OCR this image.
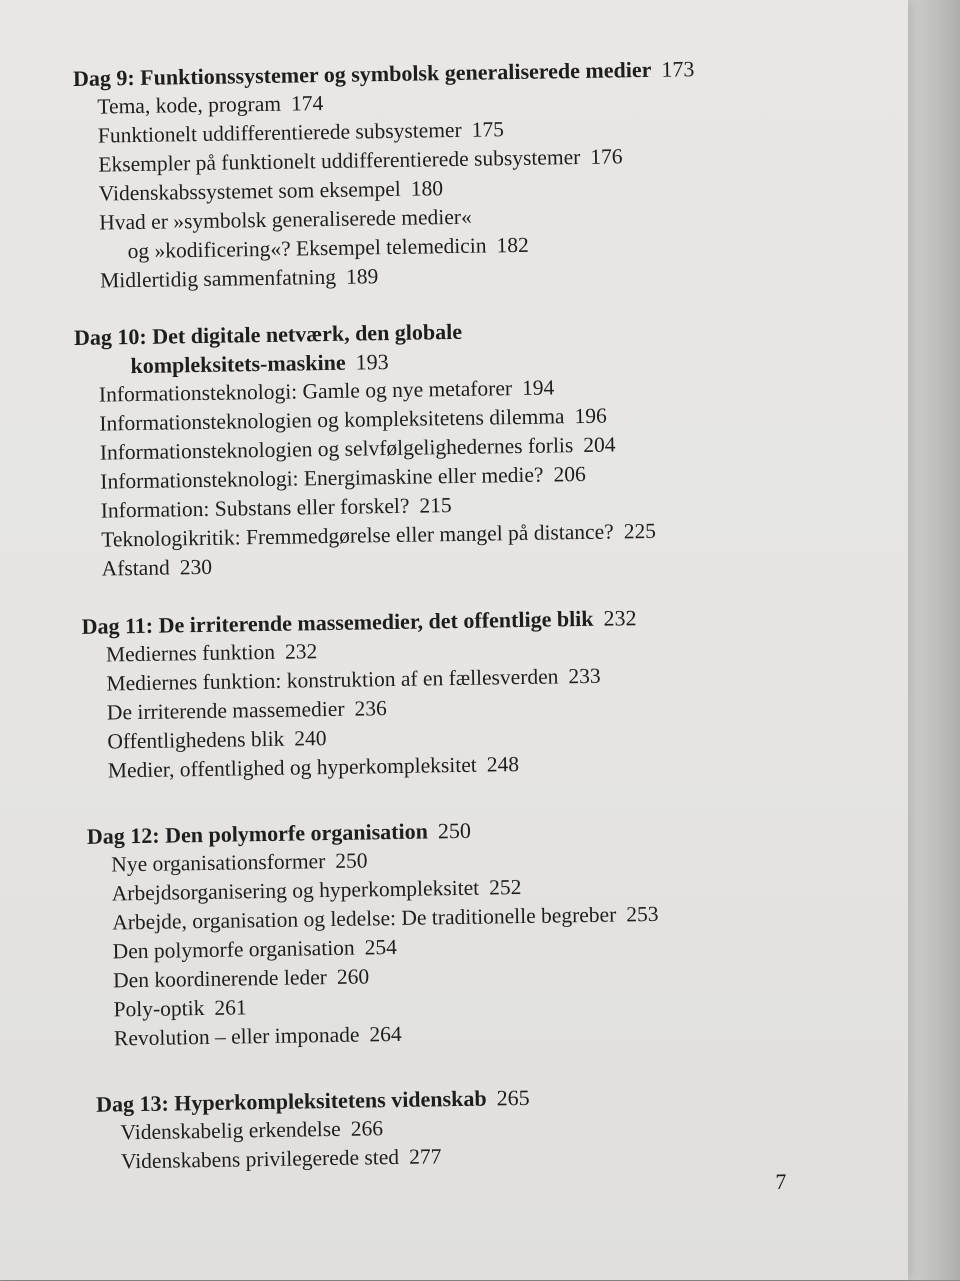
Dag 9: Funktionssystemer og symbolsk generaliserede medier 173
Tema, kode, program 174
Funktionelt uddifferentierede subsystemer 175
Eksempler på funktionelt uddifferentierede subsystemer 176
Videnskabssystemet som eksempel 180
Hvad er »symbolsk generaliserede medier«
og »kodificering«? Eksempel telemedicin 182
Midlertidig sammenfatning 189
Dag 10: Det digitale netværk, den globale
kompleksitets-maskine 193
Informationsteknologi: Gamle og nye metaforer 194
Informationsteknologien og kompleksitetens dilemma 196
Informationsteknologien og selvfølgelighedernes forlis 204
Informationsteknologi: Energimaskine eller medie? 206
Information: Substans eller forskel? 215
Teknologikritik: Fremmedgørelse eller mangel på distance? 225
Afstand 230
Dag 11: De irriterende massemedier, det offentlige blik 232
Mediernes funktion 232
Mediernes funktion: konstruktion af en fællesverden 233
De irriterende massemedier 236
Offentlighedens blik 240
Medier, offentlighed og hyperkompleksitet 248
Dag 12: Den polymorfe organisation 250
Nye organisationsformer 250
Arbejdsorganisering og hyperkompleksitet 252
Arbejde, organisation og ledelse: De traditionelle begreber 253
Den polymorfe organisation 254
Den koordinerende leder 260
Poly-optik 261
Revolution – eller imponade 264
Dag 13: Hyperkompleksitetens videnskab 265
Videnskabelig erkendelse 266
Videnskabens privilegerede sted 277
7
